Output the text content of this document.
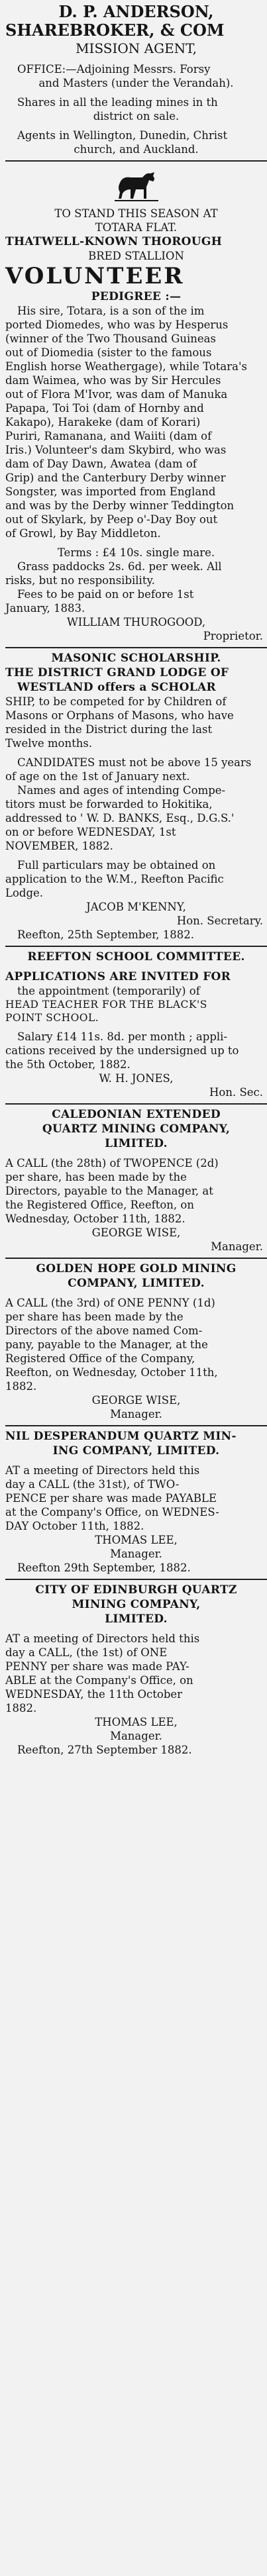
D. P. ANDERSON,

SHAREBROKER, & COM

MISSION AGENT,

OFFICE:—Adjoining Messrs. Forsy

and Masters (under the Verandah).

Shares in all the leading mines in th

district on sale.

Agents in Wellington, Dunedin, Christ

church, and Auckland.

TO STAND THIS SEASON AT

TOTARA FLAT.

THATWELL-KNOWN THOROUGH

BRED STALLION

VOLUNTEER

PEDIGREE :—

His sire, Totara, is a son of the im

ported Diomedes, who was by Hesperus

(winner of the Two Thousand Guineas

out of Diomedia (sister to the famous

English horse Weathergage), while Totara's

dam Waimea, who was by Sir Hercules

out of Flora M'Ivor, was dam of Manuka

Papapa, Toi Toi (dam of Hornby and

Kakapo), Harakeke (dam of Korari)

Puriri, Ramanana, and Waiiti (dam of

Iris.) Volunteer's dam Skybird, who was

dam of Day Dawn, Awatea (dam of

Grip) and the Canterbury Derby winner

Songster, was imported from England

and was by the Derby winner Teddington

out of Skylark, by Peep o'-Day Boy out

of Growl, by Bay Middleton.

Terms : £4 10s. single mare.

Grass paddocks 2s. 6d. per week. All

risks, but no responsibility.

Fees to be paid on or before 1st

January, 1883.

WILLIAM THUROGOOD,

Proprietor.

MASONIC SCHOLARSHIP.

THE DISTRICT GRAND LODGE OF

WESTLAND offers a SCHOLAR

SHIP, to be competed for by Children of

Masons or Orphans of Masons, who have

resided in the District during the last

Twelve months.

CANDIDATES must not be above 15 years

of age on the 1st of January next.

Names and ages of intending Compe-

titors must be forwarded to Hokitika,

addressed to ' W. D. BANKS, Esq., D.G.S.'

on or before WEDNESDAY, 1st

NOVEMBER, 1882.

Full particulars may be obtained on

application to the W.M., Reefton Pacific

Lodge.

JACOB M'KENNY,

Hon. Secretary.

Reefton, 25th September, 1882.

REEFTON SCHOOL COMMITTEE.

APPLICATIONS ARE INVITED FOR

the appointment (temporarily) of

HEAD TEACHER FOR THE BLACK'S

POINT SCHOOL.

Salary £14 11s. 8d. per month ; appli-

cations received by the undersigned up to

the 5th October, 1882.

W. H. JONES,

Hon. Sec.

CALEDONIAN EXTENDED

QUARTZ MINING COMPANY,

LIMITED.

A CALL (the 28th) of TWOPENCE (2d)

per share, has been made by the

Directors, payable to the Manager, at

the Registered Office, Reefton, on

Wednesday, October 11th, 1882.

GEORGE WISE,

Manager.

GOLDEN HOPE GOLD MINING

COMPANY, LIMITED.

A CALL (the 3rd) of ONE PENNY (1d)

per share has been made by the

Directors of the above named Com-

pany, payable to the Manager, at the

Registered Office of the Company,

Reefton, on Wednesday, October 11th,

1882.

GEORGE WISE,

Manager.

NIL DESPERANDUM QUARTZ MIN-

ING COMPANY, LIMITED.

AT a meeting of Directors held this

day a CALL (the 31st), of TWO-

PENCE per share was made PAYABLE

at the Company's Office, on WEDNES-

DAY October 11th, 1882.

THOMAS LEE,

Manager.

Reefton 29th September, 1882.

CITY OF EDINBURGH QUARTZ

MINING COMPANY,

LIMITED.

AT a meeting of Directors held this

day a CALL, (the 1st) of ONE

PENNY per share was made PAY-

ABLE at the Company's Office, on

WEDNESDAY, the 11th October

1882.

THOMAS LEE,

Manager.

Reefton, 27th September 1882.
